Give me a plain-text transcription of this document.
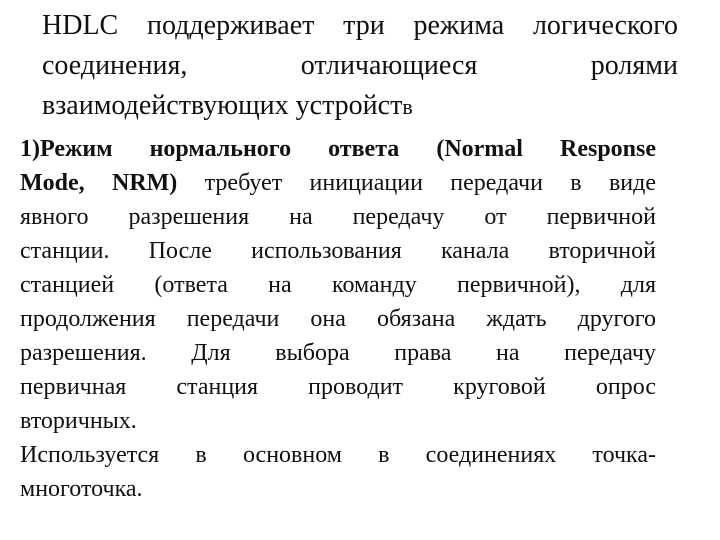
HDLC поддерживает три режима логического
соединения, отличающиеся ролями
взаимодействующих устройств
1)Режим нормального ответа (Normal Response
Mode, NRM) требует инициации передачи в виде
явного разрешения на передачу от первичной
станции. После использования канала вторичной
станцией (ответа на команду первичной), для
продолжения передачи она обязана ждать другого
разрешения. Для выбора права на передачу
первичная станция проводит круговой опрос
вторичных.
Используется в основном в соединениях точка-
многоточка.
